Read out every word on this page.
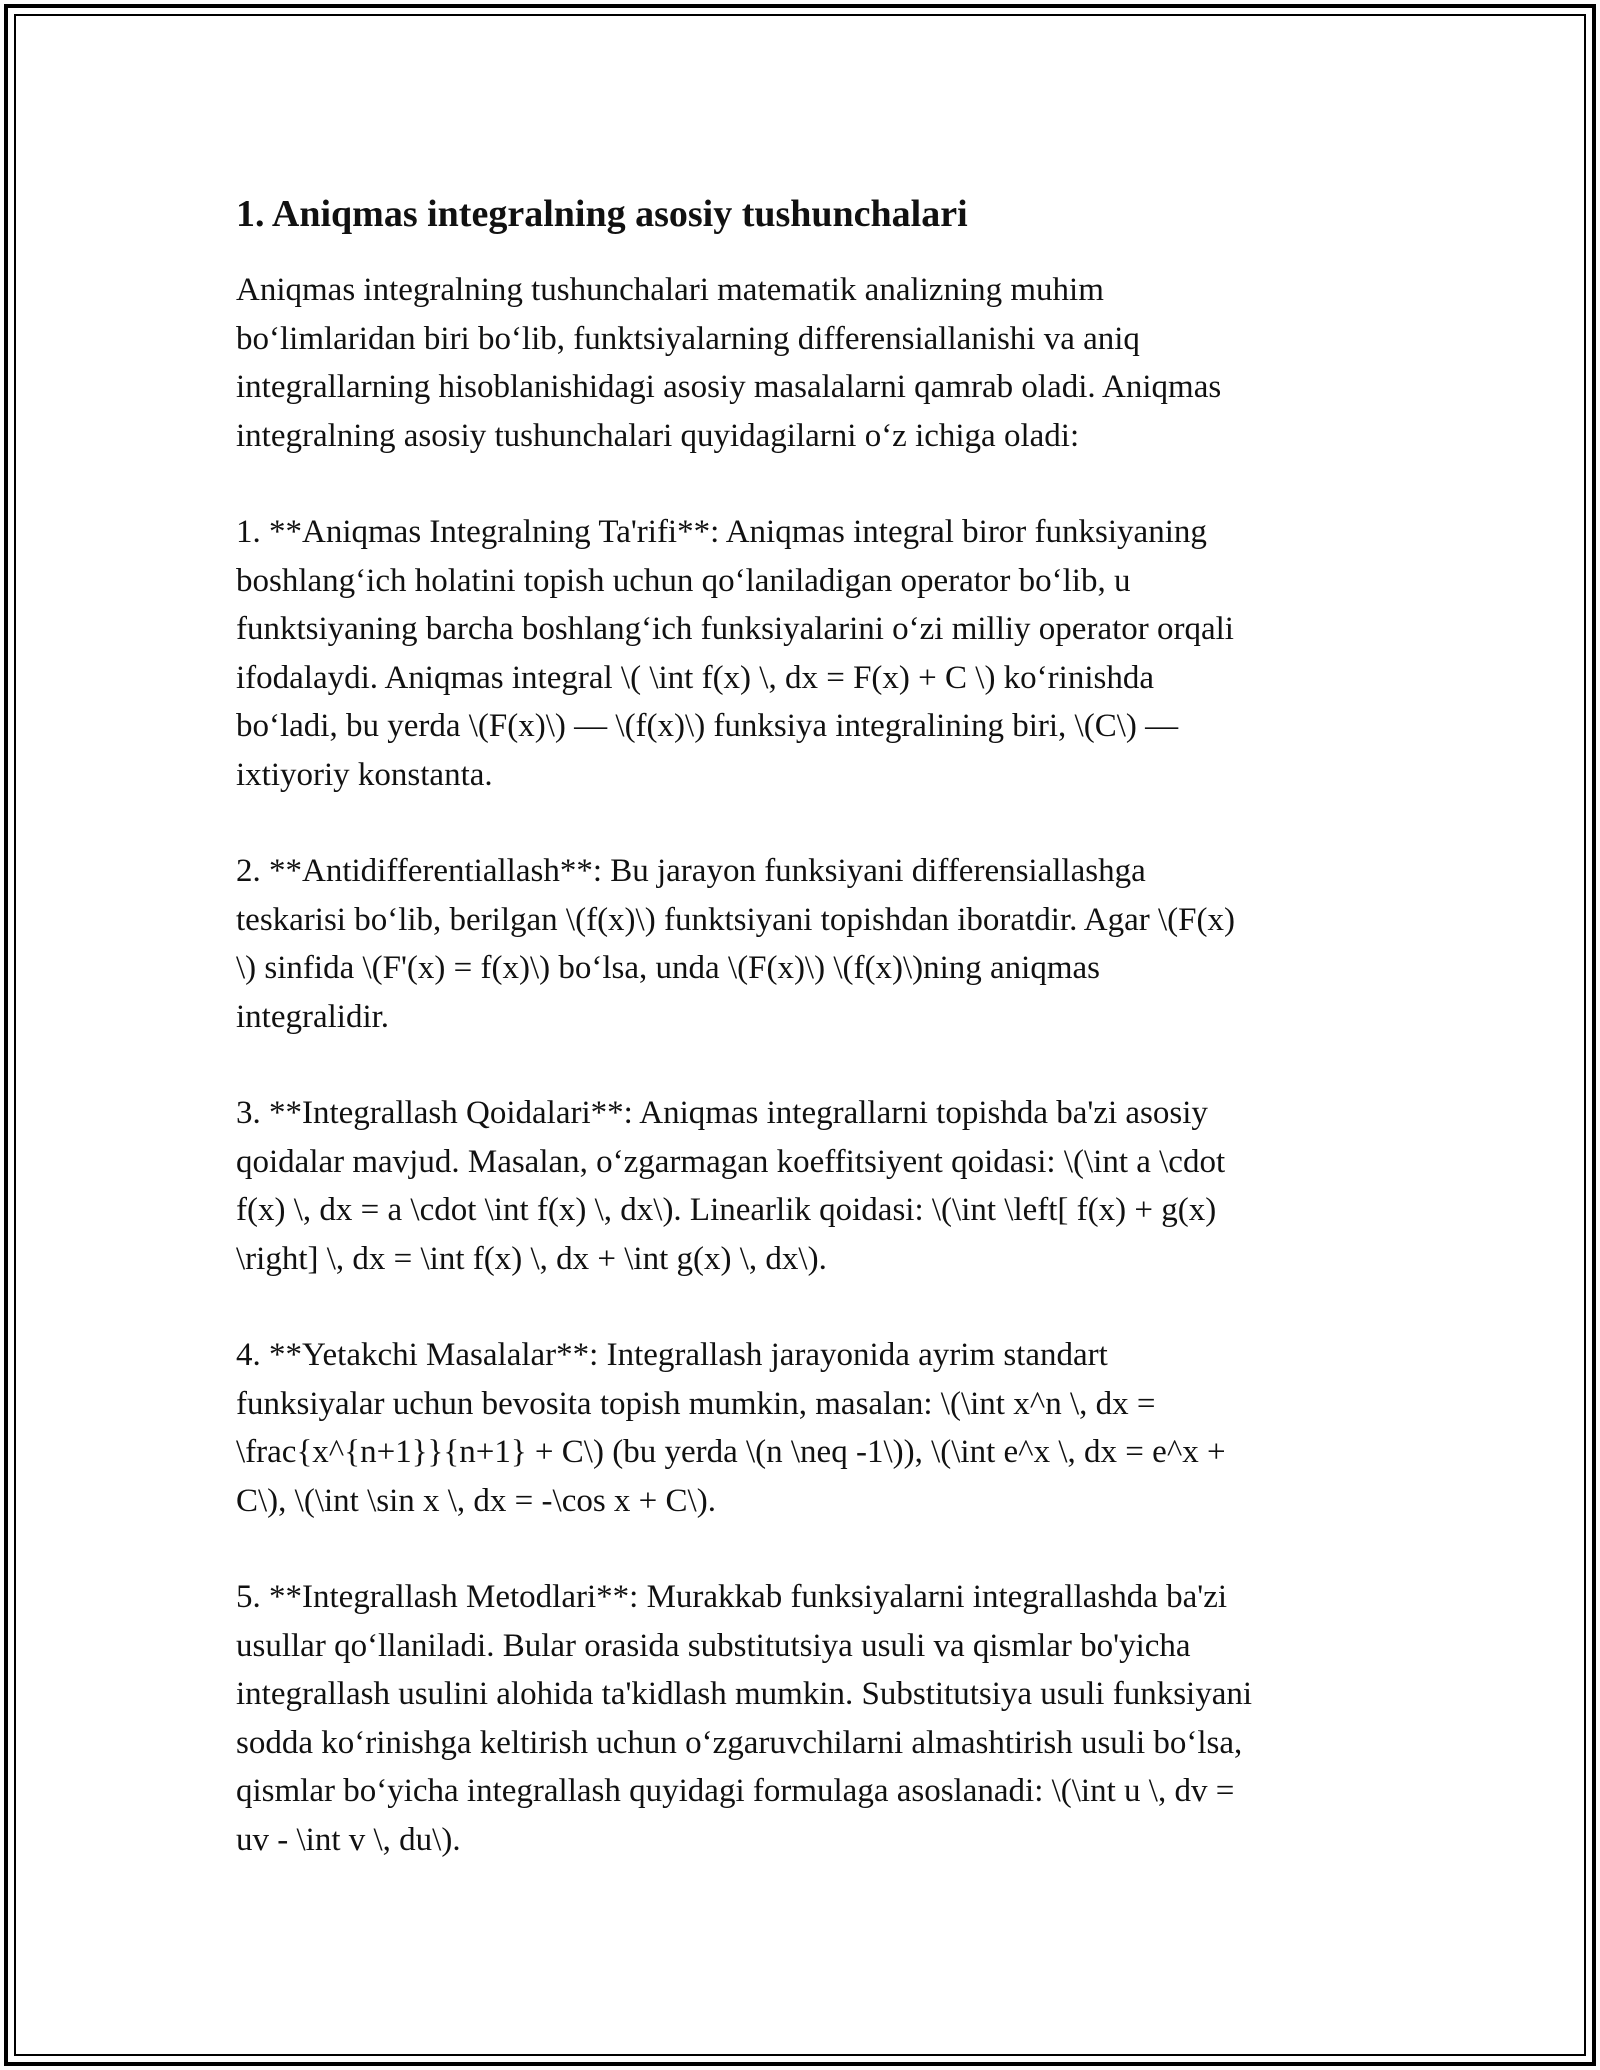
1. Aniqmas integralning asosiy tushunchalari

Aniqmas integralning tushunchalari matematik analizning muhim
bo‘limlaridan biri bo‘lib, funktsiyalarning differensiallanishi va aniq
integrallarning hisoblanishidagi asosiy masalalarni qamrab oladi. Aniqmas
integralning asosiy tushunchalari quyidagilarni o‘z ichiga oladi:

1. **Aniqmas Integralning Ta'rifi**: Aniqmas integral biror funksiyaning
boshlang‘ich holatini topish uchun qo‘laniladigan operator bo‘lib, u
funktsiyaning barcha boshlang‘ich funksiyalarini o‘zi milliy operator orqali
ifodalaydi. Aniqmas integral \( \int f(x) \, dx = F(x) + C \) ko‘rinishda
bo‘ladi, bu yerda \(F(x)\) — \(f(x)\) funksiya integralining biri, \(C\) —
ixtiyoriy konstanta.

2. **Antidifferentiallash**: Bu jarayon funksiyani differensiallashga
teskarisi bo‘lib, berilgan \(f(x)\) funktsiyani topishdan iboratdir. Agar \(F(x)
\) sinfida \(F'(x) = f(x)\) bo‘lsa, unda \(F(x)\) \(f(x)\)ning aniqmas
integralidir.

3. **Integrallash Qoidalari**: Aniqmas integrallarni topishda ba'zi asosiy
qoidalar mavjud. Masalan, o‘zgarmagan koeffitsiyent qoidasi: \(\int a \cdot
f(x) \, dx = a \cdot \int f(x) \, dx\). Linearlik qoidasi: \(\int \left[ f(x) + g(x)
\right] \, dx = \int f(x) \, dx + \int g(x) \, dx\).

4. **Yetakchi Masalalar**: Integrallash jarayonida ayrim standart
funksiyalar uchun bevosita topish mumkin, masalan: \(\int x^n \, dx =
\frac{x^{n+1}}{n+1} + C\) (bu yerda \(n \neq -1\)), \(\int e^x \, dx = e^x +
C\), \(\int \sin x \, dx = -\cos x + C\).

5. **Integrallash Metodlari**: Murakkab funksiyalarni integrallashda ba'zi
usullar qo‘llaniladi. Bular orasida substitutsiya usuli va qismlar bo'yicha
integrallash usulini alohida ta'kidlash mumkin. Substitutsiya usuli funksiyani
sodda ko‘rinishga keltirish uchun o‘zgaruvchilarni almashtirish usuli bo‘lsa,
qismlar bo‘yicha integrallash quyidagi formulaga asoslanadi: \(\int u \, dv =
uv - \int v \, du\).
